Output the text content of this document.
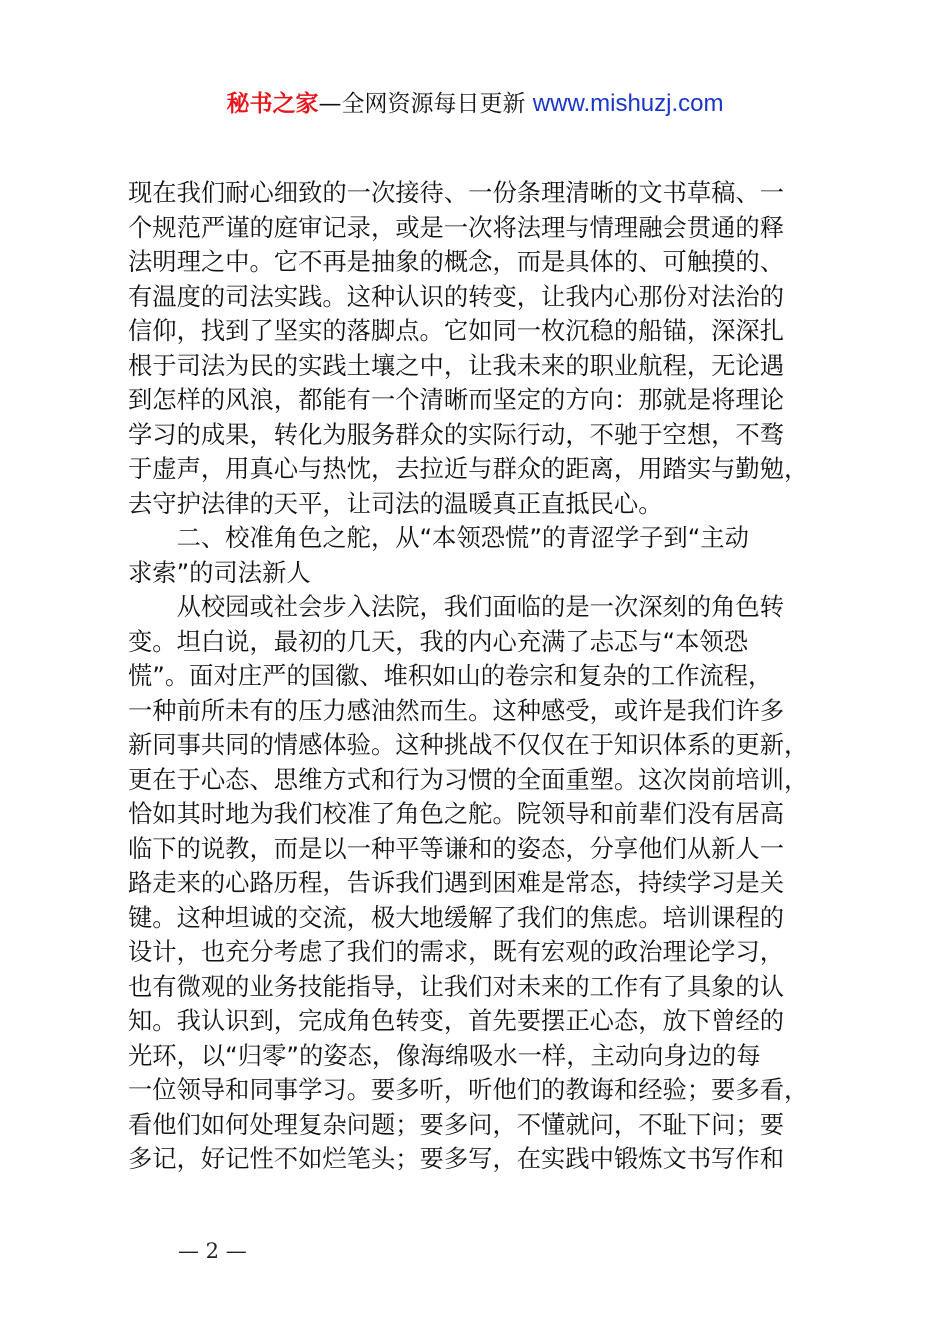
秘书之家—全网资源每日更新 www.mishuzj.com
现在我们耐心细致的一次接待、一份条理清晰的文书草稿、一
个规范严谨的庭审记录，或是一次将法理与情理融会贯通的释
法明理之中。它不再是抽象的概念，而是具体的、可触摸的、
有温度的司法实践。这种认识的转变，让我内心那份对法治的
信仰，找到了坚实的落脚点。它如同一枚沉稳的船锚，深深扎
根于司法为民的实践土壤之中，让我未来的职业航程，无论遇
到怎样的风浪，都能有一个清晰而坚定的方向：那就是将理论
学习的成果，转化为服务群众的实际行动，不驰于空想，不骛
于虚声，用真心与热忱，去拉近与群众的距离，用踏实与勤勉，
去守护法律的天平，让司法的温暖真正直抵民心。
　　二、校准角色之舵，从“本领恐慌”的青涩学子到“主动
求索”的司法新人
　　从校园或社会步入法院，我们面临的是一次深刻的角色转
变。坦白说，最初的几天，我的内心充满了忐忑与“本领恐
慌”。面对庄严的国徽、堆积如山的卷宗和复杂的工作流程，
一种前所未有的压力感油然而生。这种感受，或许是我们许多
新同事共同的情感体验。这种挑战不仅仅在于知识体系的更新，
更在于心态、思维方式和行为习惯的全面重塑。这次岗前培训，
恰如其时地为我们校准了角色之舵。院领导和前辈们没有居高
临下的说教，而是以一种平等谦和的姿态，分享他们从新人一
路走来的心路历程，告诉我们遇到困难是常态，持续学习是关
键。这种坦诚的交流，极大地缓解了我们的焦虑。培训课程的
设计，也充分考虑了我们的需求，既有宏观的政治理论学习，
也有微观的业务技能指导，让我们对未来的工作有了具象的认
知。我认识到，完成角色转变，首先要摆正心态，放下曾经的
光环，以“归零”的姿态，像海绵吸水一样，主动向身边的每
一位领导和同事学习。要多听，听他们的教诲和经验；要多看，
看他们如何处理复杂问题；要多问，不懂就问，不耻下问；要
多记，好记性不如烂笔头；要多写，在实践中锻炼文书写作和
— 2 —
